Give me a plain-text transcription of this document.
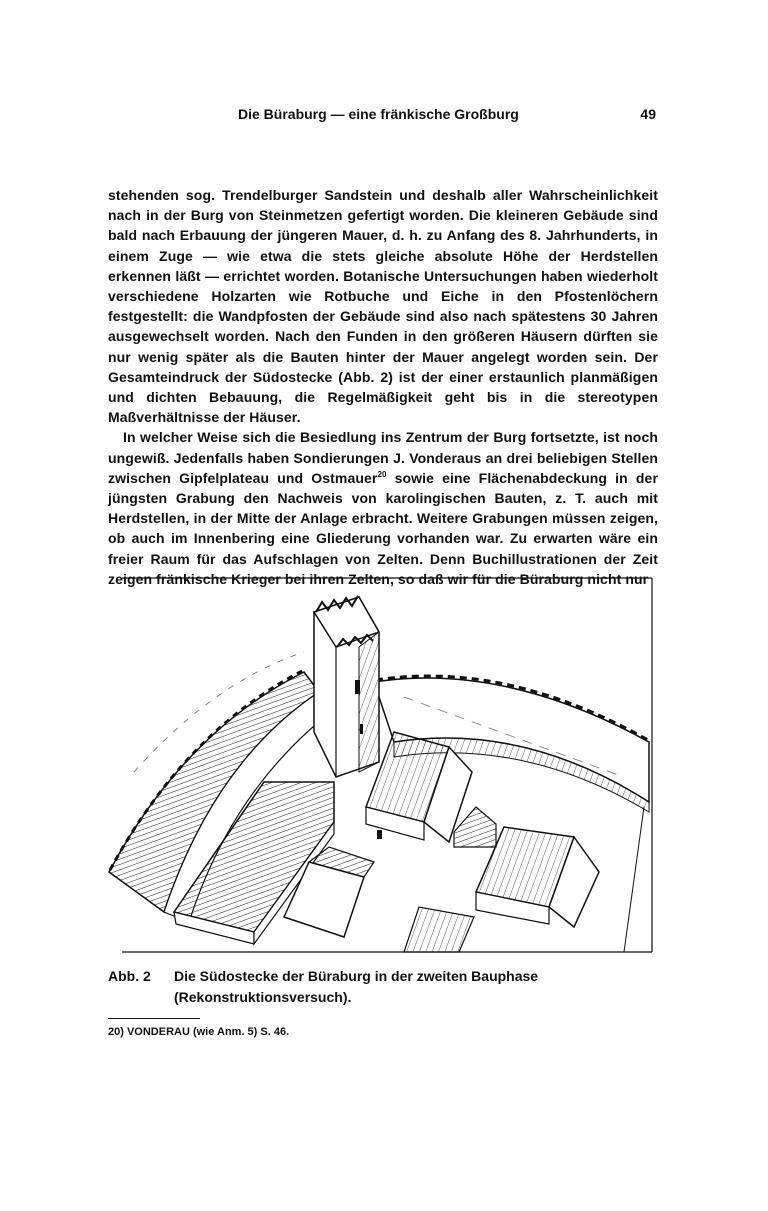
Die Büraburg — eine fränkische Großburg	49

stehenden sog. Trendelburger Sandstein und deshalb aller Wahrscheinlichkeit nach in der Burg von Steinmetzen gefertigt worden. Die kleineren Gebäude sind bald nach Erbauung der jüngeren Mauer, d. h. zu Anfang des 8. Jahrhunderts, in einem Zuge — wie etwa die stets gleiche absolute Höhe der Herdstellen erkennen läßt — errichtet worden. Botanische Untersuchungen haben wiederholt verschiedene Holzarten wie Rotbuche und Eiche in den Pfostenlöchern festgestellt: die Wandpfosten der Gebäude sind also nach spätestens 30 Jahren ausgewechselt worden. Nach den Funden in den größeren Häusern dürften sie nur wenig später als die Bauten hinter der Mauer angelegt worden sein. Der Gesamteindruck der Südostecke (Abb. 2) ist der einer erstaunlich planmäßigen und dichten Bebauung, die Regelmäßigkeit geht bis in die stereotypen Maßverhältnisse der Häuser.

In welcher Weise sich die Besiedlung ins Zentrum der Burg fortsetzte, ist noch ungewiß. Jedenfalls haben Sondierungen J. Vonderaus an drei beliebigen Stellen zwischen Gipfelplateau und Ostmauer$^{20}$ sowie eine Flächenabdeckung in der jüngsten Grabung den Nachweis von karolingischen Bauten, z. T. auch mit Herdstellen, in der Mitte der Anlage erbracht. Weitere Grabungen müssen zeigen, ob auch im Innenbering eine Gliederung vorhanden war. Zu erwarten wäre ein freier Raum für das Aufschlagen von Zelten. Denn Buchillustrationen der Zeit zeigen fränkische Krieger bei ihren Zelten, so daß wir für die Büraburg nicht nur

Abb. 2 Die Südostecke der Büraburg in der zweiten Bauphase (Rekonstruktionsversuch).
20) VONDERAU (wie Anm. 5) S. 46.
